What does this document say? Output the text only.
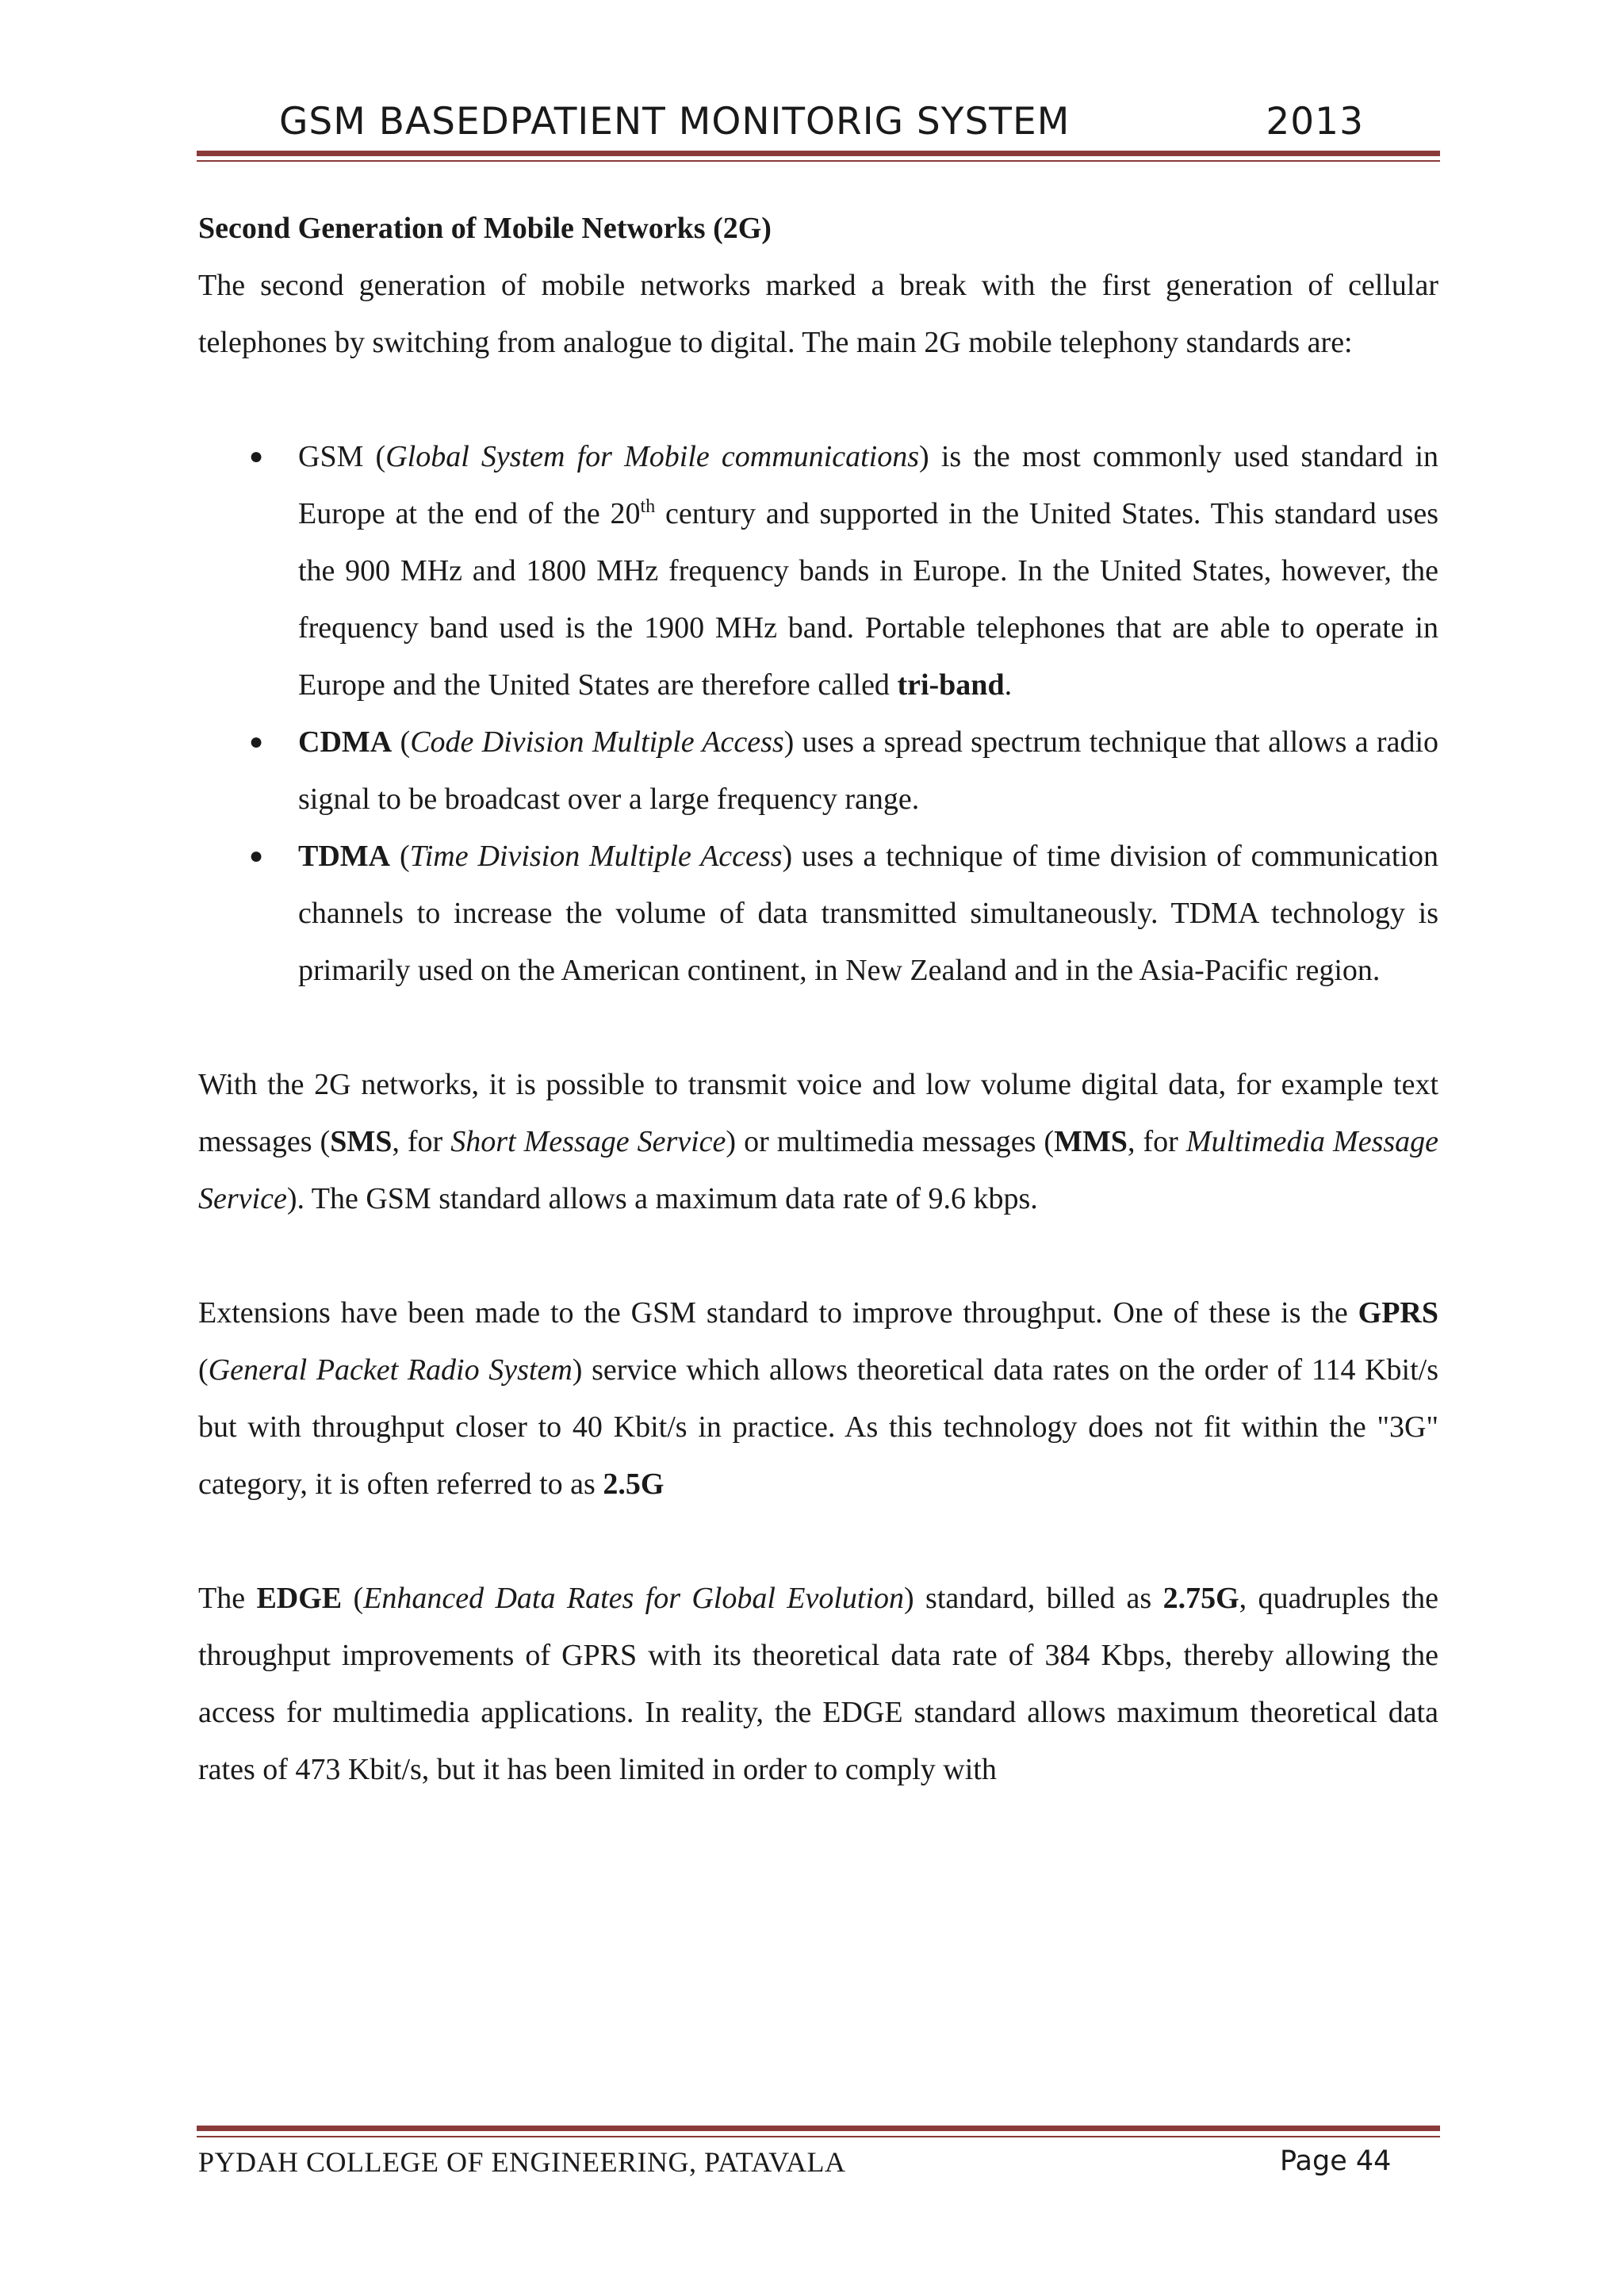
GSM BASEDPATIENT MONITORIG SYSTEM	2013

Second Generation of Mobile Networks (2G)

The second generation of mobile networks marked a break with the first generation of cellular telephones by switching from analogue to digital. The main 2G mobile telephony standards are:

● GSM (Global System for Mobile communications) is the most commonly used standard in Europe at the end of the 20th century and supported in the United States. This standard uses the 900 MHz and 1800 MHz frequency bands in Europe. In the United States, however, the frequency band used is the 1900 MHz band. Portable telephones that are able to operate in Europe and the United States are therefore called tri-band.
● CDMA (Code Division Multiple Access) uses a spread spectrum technique that allows a radio signal to be broadcast over a large frequency range.
● TDMA (Time Division Multiple Access) uses a technique of time division of communication channels to increase the volume of data transmitted simultaneously. TDMA technology is primarily used on the American continent, in New Zealand and in the Asia-Pacific region.

With the 2G networks, it is possible to transmit voice and low volume digital data, for example text messages (SMS, for Short Message Service) or multimedia messages (MMS, for Multimedia Message Service). The GSM standard allows a maximum data rate of 9.6 kbps.

Extensions have been made to the GSM standard to improve throughput. One of these is the GPRS (General Packet Radio System) service which allows theoretical data rates on the order of 114 Kbit/s but with throughput closer to 40 Kbit/s in practice. As this technology does not fit within the "3G" category, it is often referred to as 2.5G

The EDGE (Enhanced Data Rates for Global Evolution) standard, billed as 2.75G, quadruples the throughput improvements of GPRS with its theoretical data rate of 384 Kbps, thereby allowing the access for multimedia applications. In reality, the EDGE standard allows maximum theoretical data rates of 473 Kbit/s, but it has been limited in order to comply with

PYDAH COLLEGE OF ENGINEERING, PATAVALA	Page 44
